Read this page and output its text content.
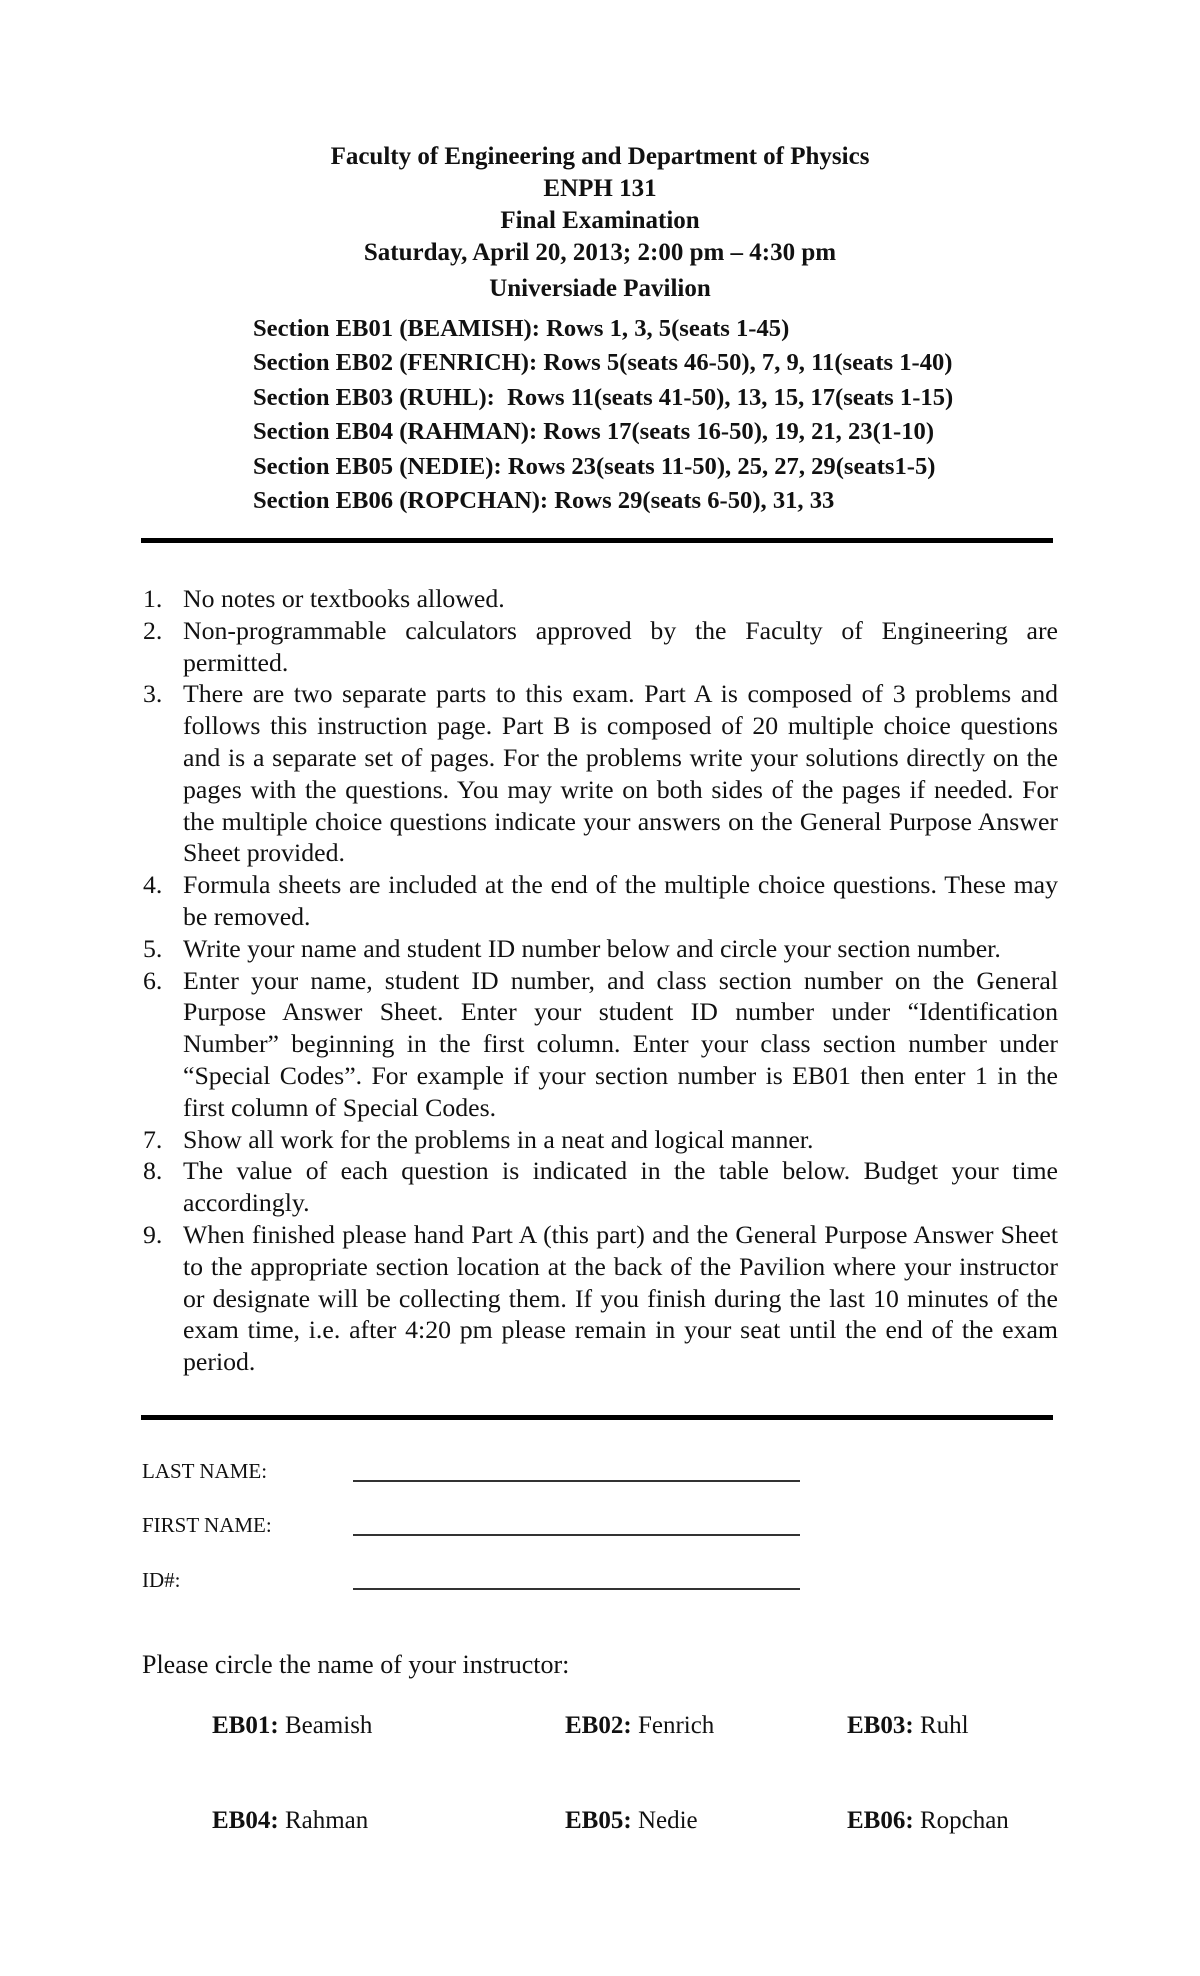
Faculty of Engineering and Department of Physics
ENPH 131
Final Examination
Saturday, April 20, 2013; 2:00 pm – 4:30 pm
Universiade Pavilion
Section EB01 (BEAMISH): Rows 1, 3, 5(seats 1-45)
Section EB02 (FENRICH): Rows 5(seats 46-50), 7, 9, 11(seats 1-40)
Section EB03 (RUHL):  Rows 11(seats 41-50), 13, 15, 17(seats 1-15)
Section EB04 (RAHMAN): Rows 17(seats 16-50), 19, 21, 23(1-10)
Section EB05 (NEDIE): Rows 23(seats 11-50), 25, 27, 29(seats1-5)
Section EB06 (ROPCHAN): Rows 29(seats 6-50), 31, 33
1. No notes or textbooks allowed.
2. Non-programmable calculators approved by the Faculty of Engineering are permitted.
3. There are two separate parts to this exam. Part A is composed of 3 problems and follows this instruction page. Part B is composed of 20 multiple choice questions and is a separate set of pages. For the problems write your solutions directly on the pages with the questions. You may write on both sides of the pages if needed. For the multiple choice questions indicate your answers on the General Purpose Answer Sheet provided.
4. Formula sheets are included at the end of the multiple choice questions. These may be removed.
5. Write your name and student ID number below and circle your section number.
6. Enter your name, student ID number, and class section number on the General Purpose Answer Sheet. Enter your student ID number under “Identification Number” beginning in the first column. Enter your class section number under “Special Codes”. For example if your section number is EB01 then enter 1 in the first column of Special Codes.
7. Show all work for the problems in a neat and logical manner.
8. The value of each question is indicated in the table below. Budget your time accordingly.
9. When finished please hand Part A (this part) and the General Purpose Answer Sheet to the appropriate section location at the back of the Pavilion where your instructor or designate will be collecting them. If you finish during the last 10 minutes of the exam time, i.e. after 4:20 pm please remain in your seat until the end of the exam period.
LAST NAME:
FIRST NAME:
ID#:
Please circle the name of your instructor:
EB01: Beamish	EB02: Fenrich	EB03: Ruhl
EB04: Rahman	EB05: Nedie	EB06: Ropchan
